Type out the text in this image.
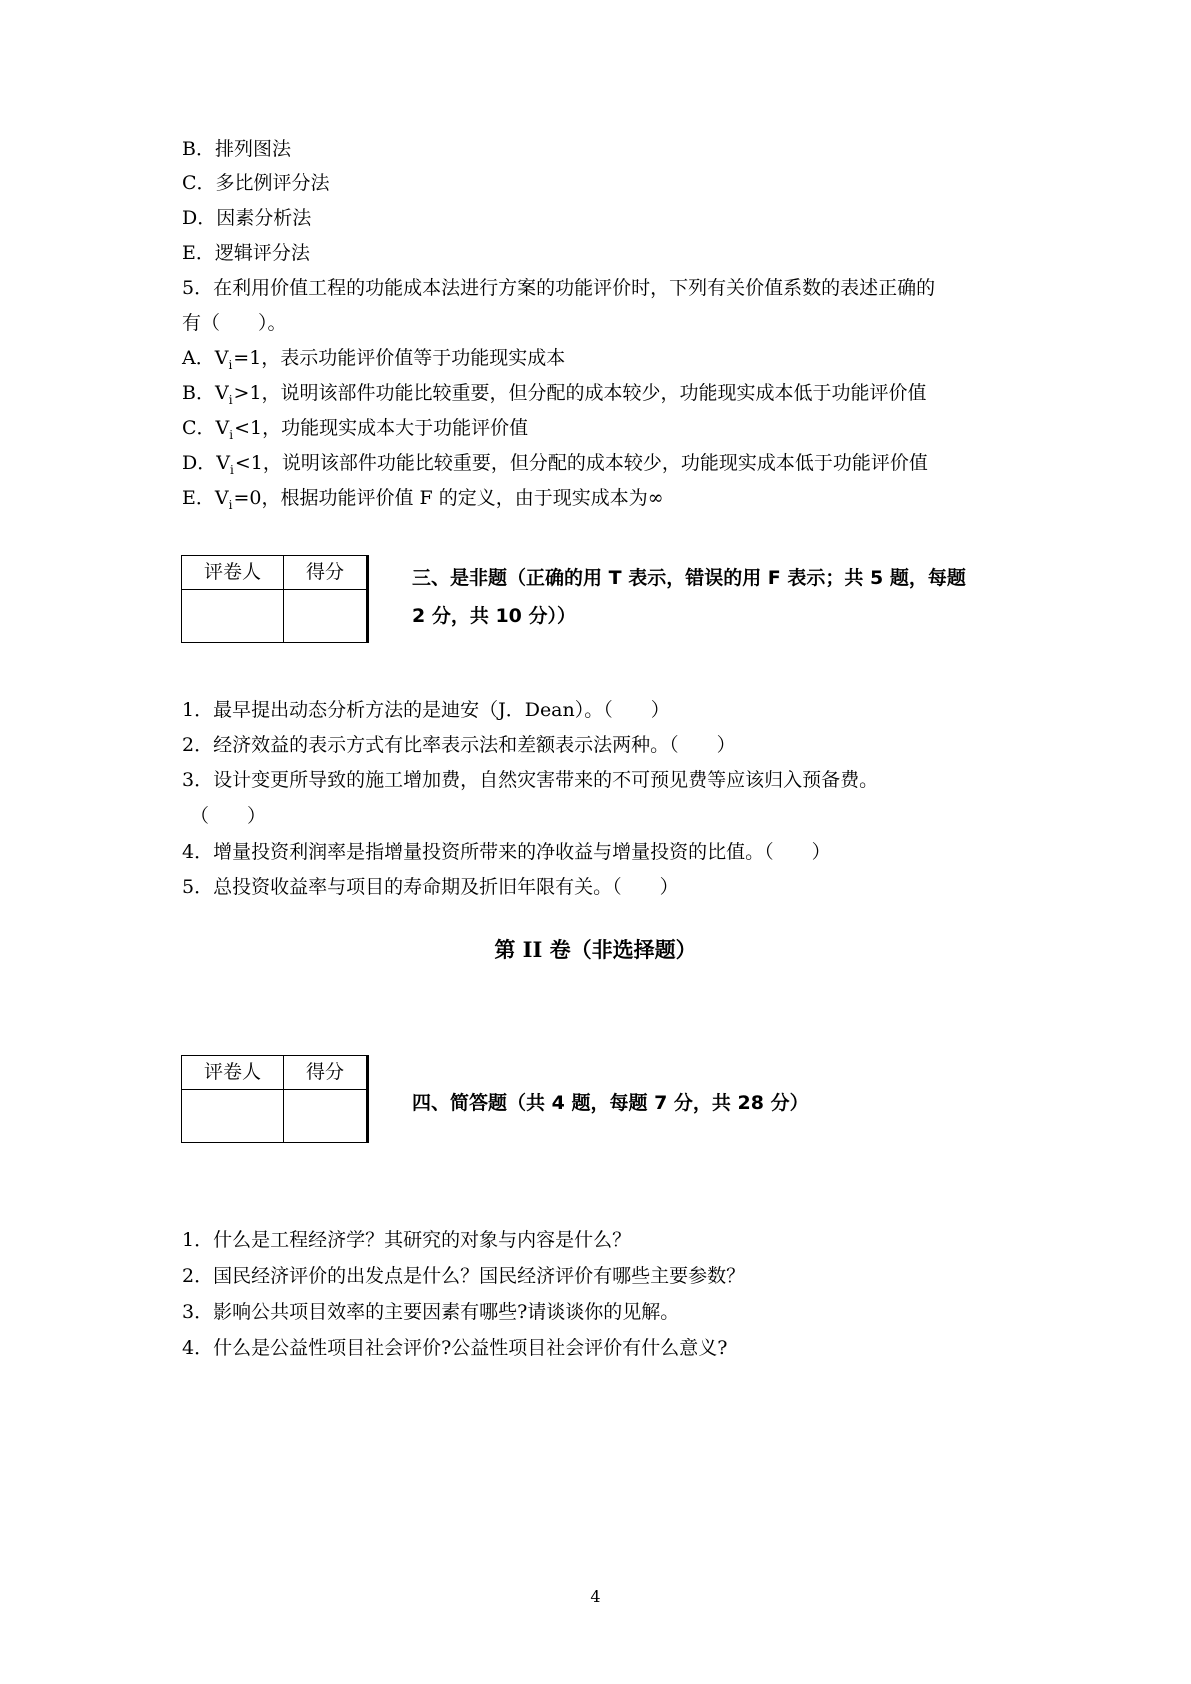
B．排列图法
C．多比例评分法
D．因素分析法
E．逻辑评分法
5．在利用价值工程的功能成本法进行方案的功能评价时，下列有关价值系数的表述正确的
有（　　）。
A．$V_i=1$，表示功能评价值等于功能现实成本
B．$V_i>1$，说明该部件功能比较重要，但分配的成本较少，功能现实成本低于功能评价值
C．$V_i<1$，功能现实成本大于功能评价值
D．$V_i<1$，说明该部件功能比较重要，但分配的成本较少，功能现实成本低于功能评价值
E．$V_i=0$，根据功能评价值 F 的定义，由于现实成本为∞
评卷人	得分
		三、是非题（正确的用 T 表示，错误的用 F 表示；共 5 题，每题
2 分，共 10 分））
1．最早提出动态分析方法的是迪安（J．Dean）。（　　）
2．经济效益的表示方式有比率表示法和差额表示法两种。（　　）
3．设计变更所导致的施工增加费，自然灾害带来的不可预见费等应该归入预备费。
（　　）
4．增量投资利润率是指增量投资所带来的净收益与增量投资的比值。（　　）
5．总投资收益率与项目的寿命期及折旧年限有关。（　　）
第 II 卷（非选择题）
评卷人	得分

四、简答题（共 4 题，每题 7 分，共 28 分）
1．什么是工程经济学？其研究的对象与内容是什么？
2．国民经济评价的出发点是什么？国民经济评价有哪些主要参数？
3．影响公共项目效率的主要因素有哪些?请谈谈你的见解。
4．什么是公益性项目社会评价?公益性项目社会评价有什么意义?
4
